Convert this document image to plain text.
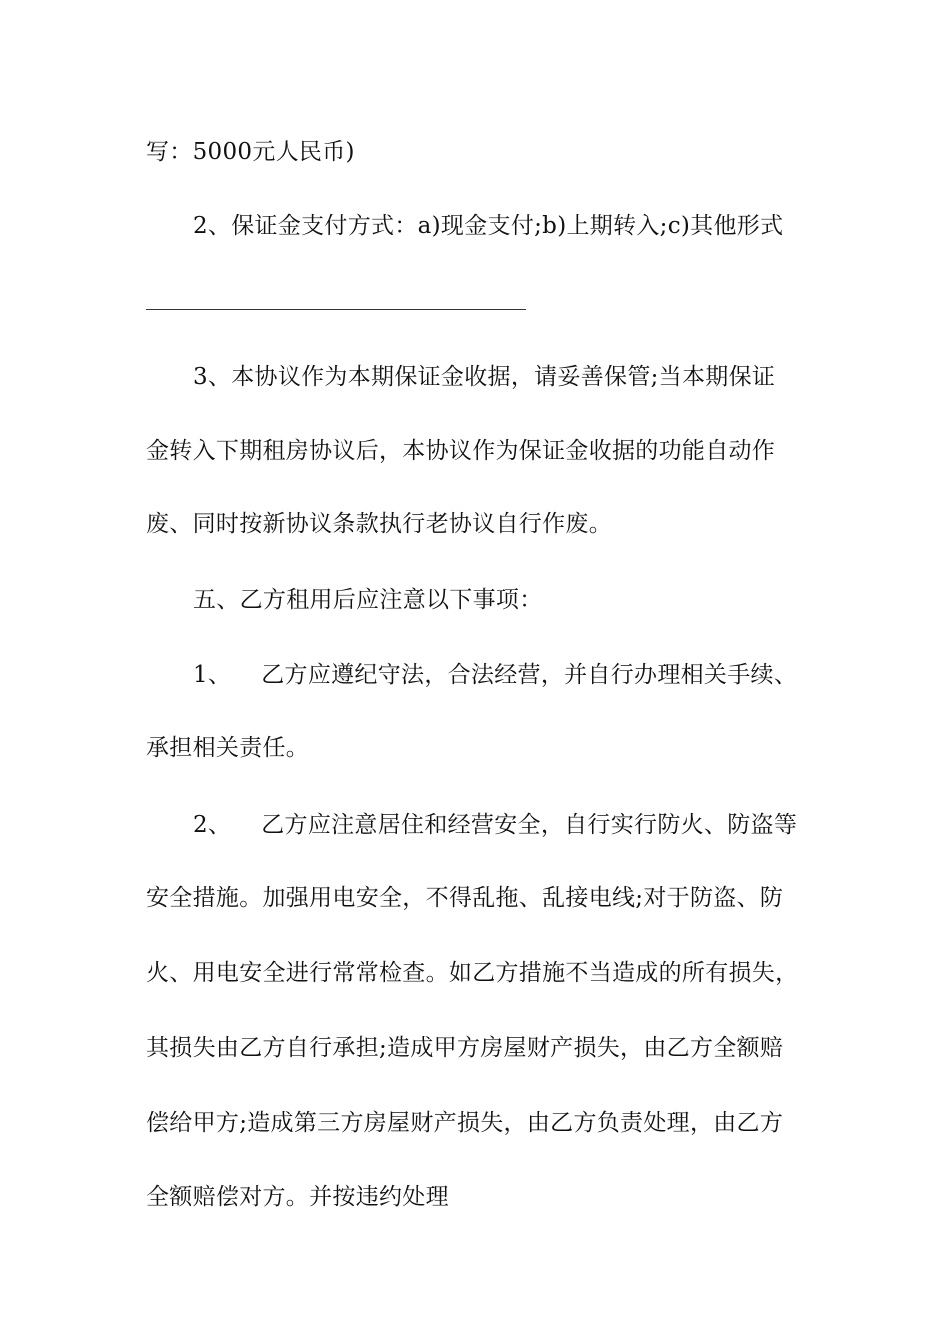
写：5000元人民币)
2、保证金支付方式：a)现金支付;b)上期转入;c)其他形式
3、本协议作为本期保证金收据，请妥善保管;当本期保证
金转入下期租房协议后，本协议作为保证金收据的功能自动作
废、同时按新协议条款执行老协议自行作废。
五、乙方租用后应注意以下事项：
1、 乙方应遵纪守法，合法经营，并自行办理相关手续、
承担相关责任。
2、 乙方应注意居住和经营安全，自行实行防火、防盗等
安全措施。加强用电安全，不得乱拖、乱接电线;对于防盗、防
火、用电安全进行常常检查。如乙方措施不当造成的所有损失，
其损失由乙方自行承担;造成甲方房屋财产损失，由乙方全额赔
偿给甲方;造成第三方房屋财产损失，由乙方负责处理，由乙方
全额赔偿对方。并按违约处理
